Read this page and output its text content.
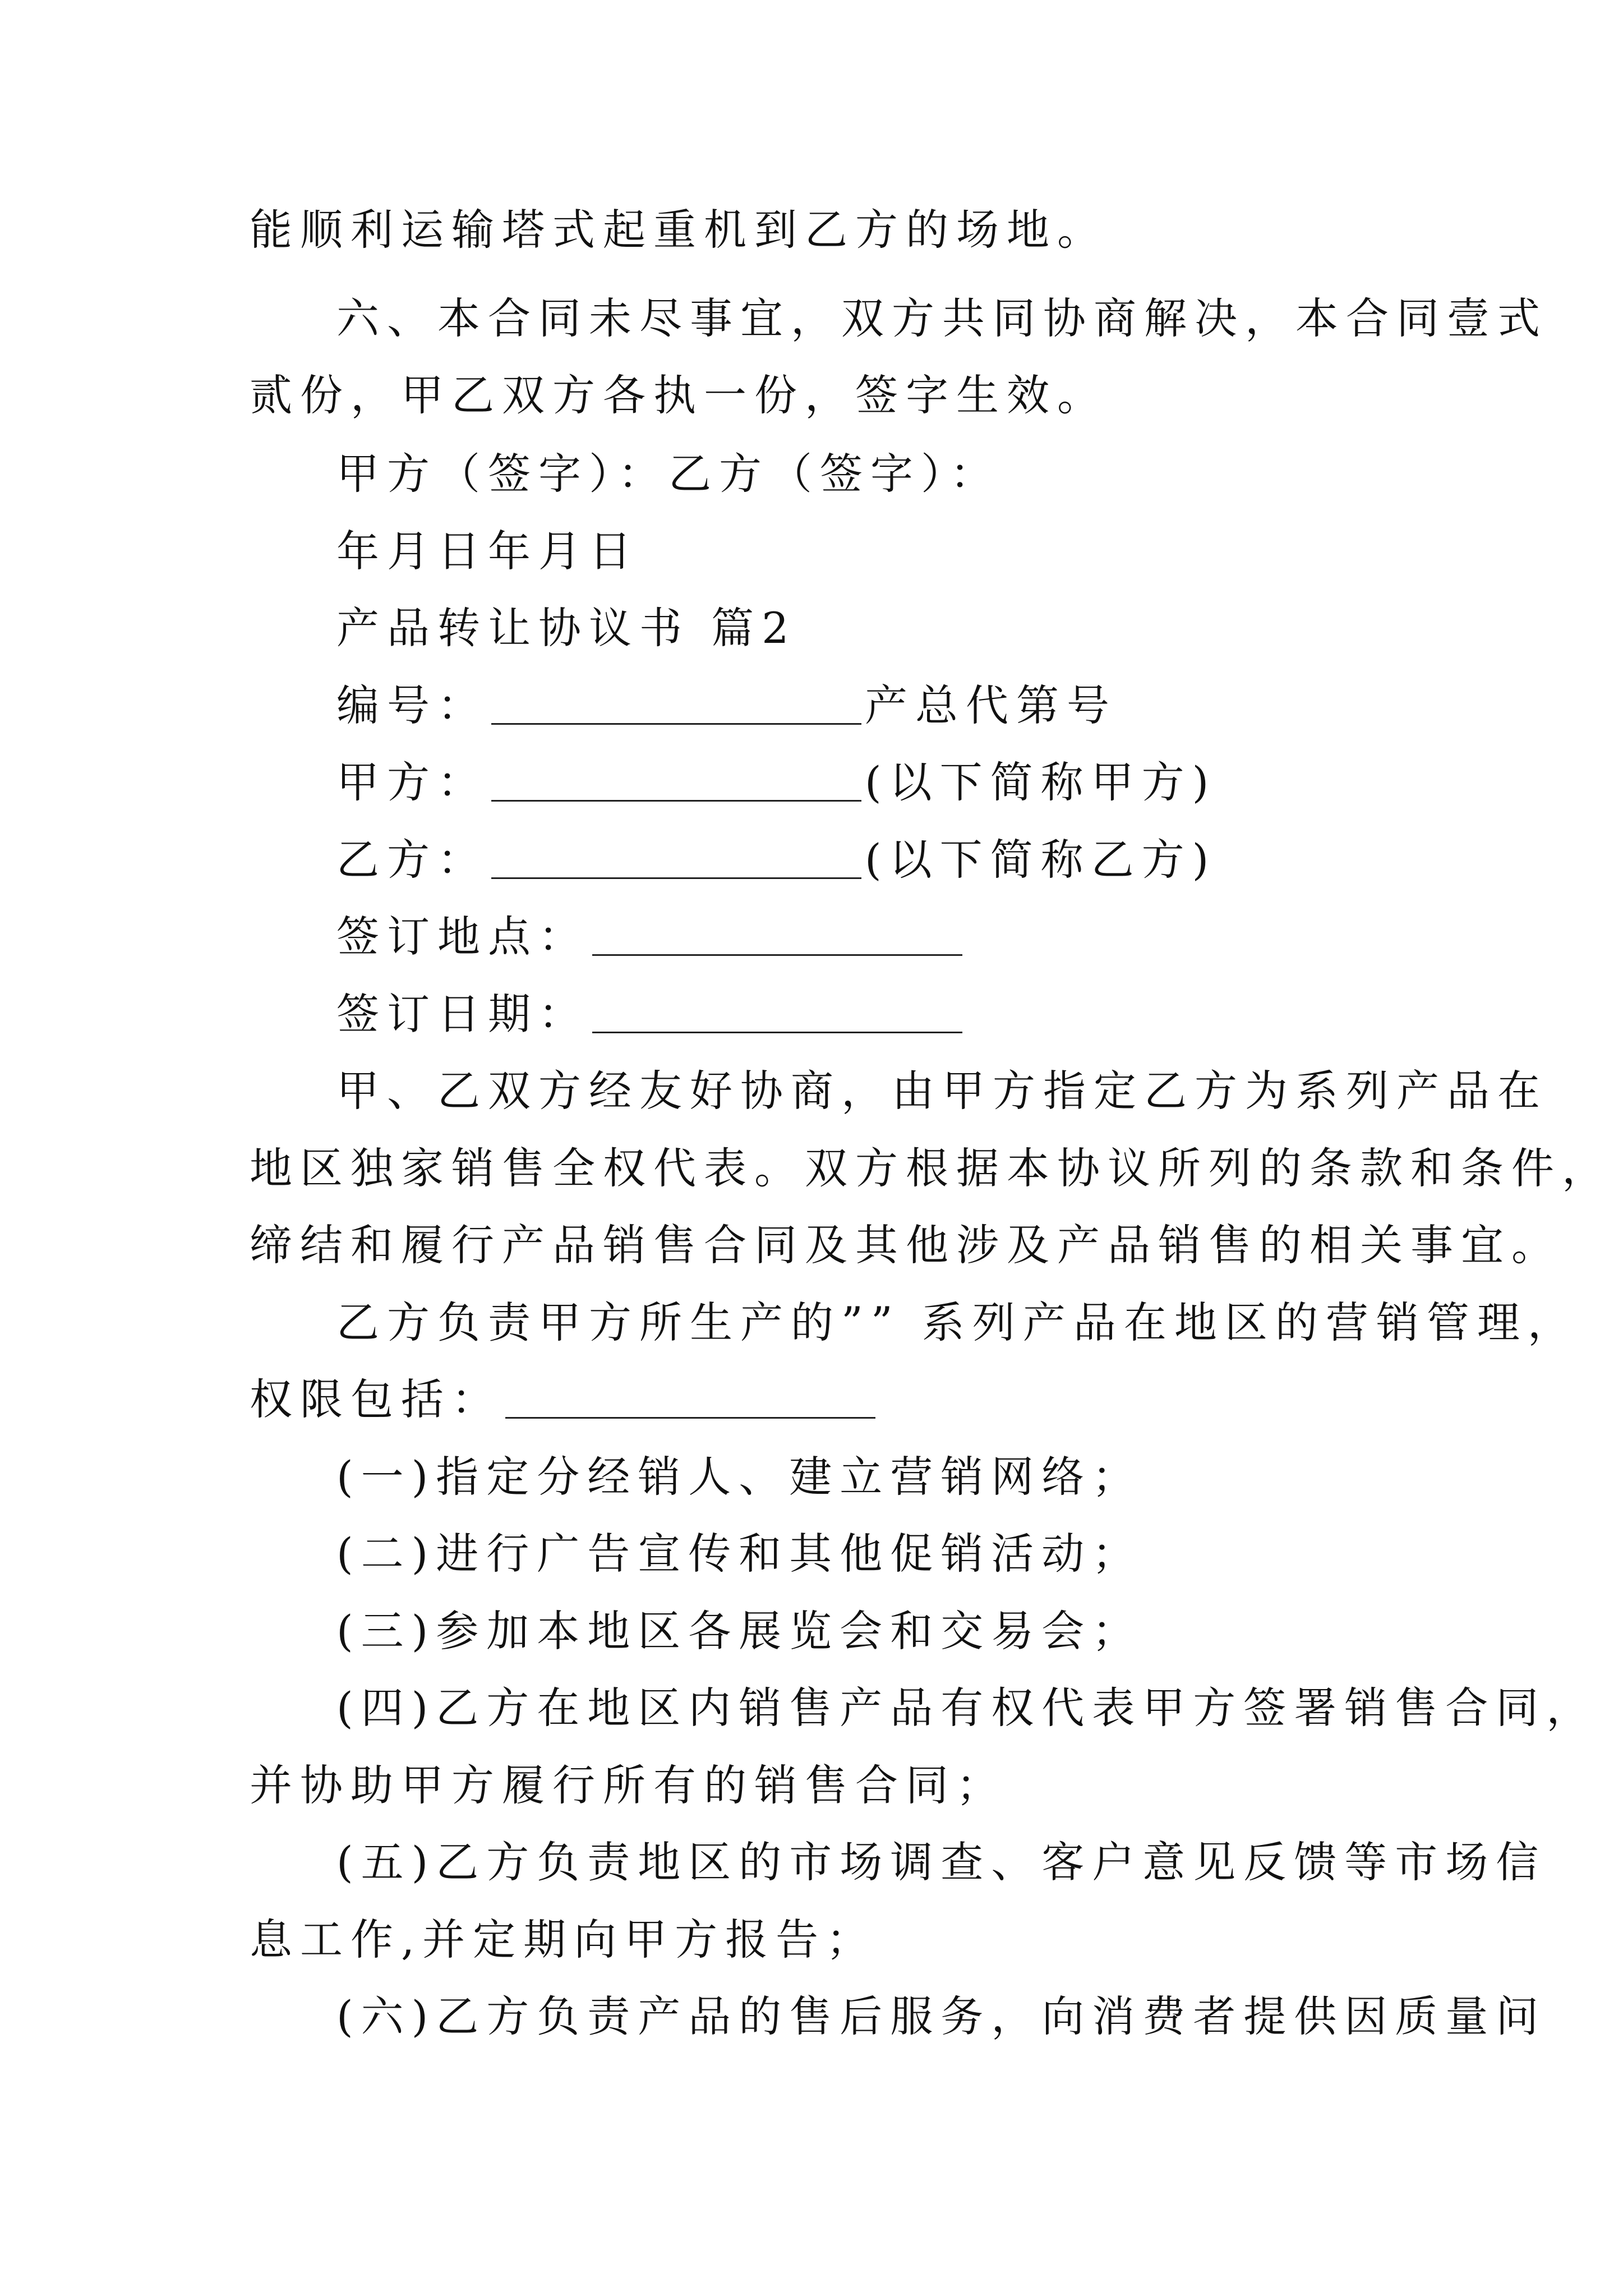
能顺利运输塔式起重机到乙方的场地。
六、本合同未尽事宜，双方共同协商解决，本合同壹式
贰份，甲乙双方各执一份，签字生效。
甲方（签字）：乙方（签字）：
年月日年月日
产品转让协议书 篇2
编号：	产总代第号
甲方：	(以下简称甲方)
乙方：	(以下简称乙方)
签订地点：
签订日期：
甲、乙双方经友好协商，由甲方指定乙方为系列产品在
地区独家销售全权代表。双方根据本协议所列的条款和条件，
缔结和履行产品销售合同及其他涉及产品销售的相关事宜。
乙方负责甲方所生产的”” 系列产品在地区的营销管理，
权限包括：
(一)指定分经销人、建立营销网络；
(二)进行广告宣传和其他促销活动；
(三)参加本地区各展览会和交易会；
(四)乙方在地区内销售产品有权代表甲方签署销售合同，
并协助甲方履行所有的销售合同；
(五)乙方负责地区的市场调查、客户意见反馈等市场信
息工作,并定期向甲方报告；
(六)乙方负责产品的售后服务，向消费者提供因质量问
